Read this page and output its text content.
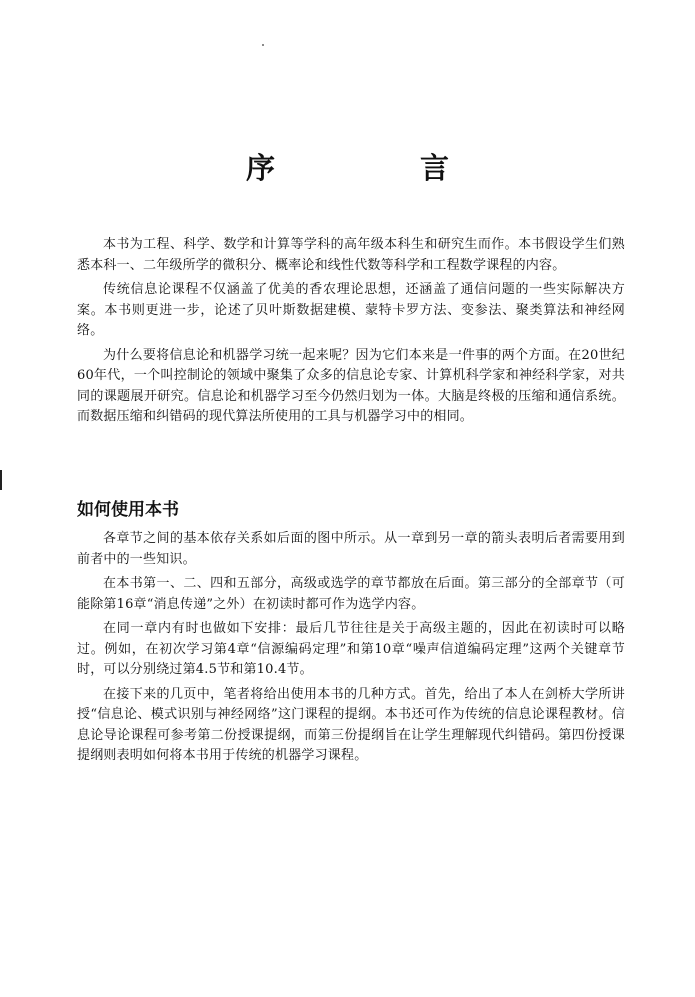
序　言

本书为工程、科学、数学和计算等学科的高年级本科生和研究生而作。本书假设学生们熟悉本科一、二年级所学的微积分、概率论和线性代数等科学和工程数学课程的内容。

传统信息论课程不仅涵盖了优美的香农理论思想，还涵盖了通信问题的一些实际解决方案。本书则更进一步，论述了贝叶斯数据建模、蒙特卡罗方法、变参法、聚类算法和神经网络。

为什么要将信息论和机器学习统一起来呢？因为它们本来是一件事的两个方面。在20世纪60年代，一个叫控制论的领域中聚集了众多的信息论专家、计算机科学家和神经科学家，对共同的课题展开研究。信息论和机器学习至今仍然归划为一体。大脑是终极的压缩和通信系统。而数据压缩和纠错码的现代算法所使用的工具与机器学习中的相同。

如何使用本书

各章节之间的基本依存关系如后面的图中所示。从一章到另一章的箭头表明后者需要用到前者中的一些知识。

在本书第一、二、四和五部分，高级或选学的章节都放在后面。第三部分的全部章节（可能除第16章“消息传递”之外）在初读时都可作为选学内容。

在同一章内有时也做如下安排：最后几节往往是关于高级主题的，因此在初读时可以略过。例如，在初次学习第4章“信源编码定理”和第10章“噪声信道编码定理”这两个关键章节时，可以分别绕过第4.5节和第10.4节。

在接下来的几页中，笔者将给出使用本书的几种方式。首先，给出了本人在剑桥大学所讲授“信息论、模式识别与神经网络”这门课程的提纲。本书还可作为传统的信息论课程教材。信息论导论课程可参考第二份授课提纲，而第三份提纲旨在让学生理解现代纠错码。第四份授课提纲则表明如何将本书用于传统的机器学习课程。
